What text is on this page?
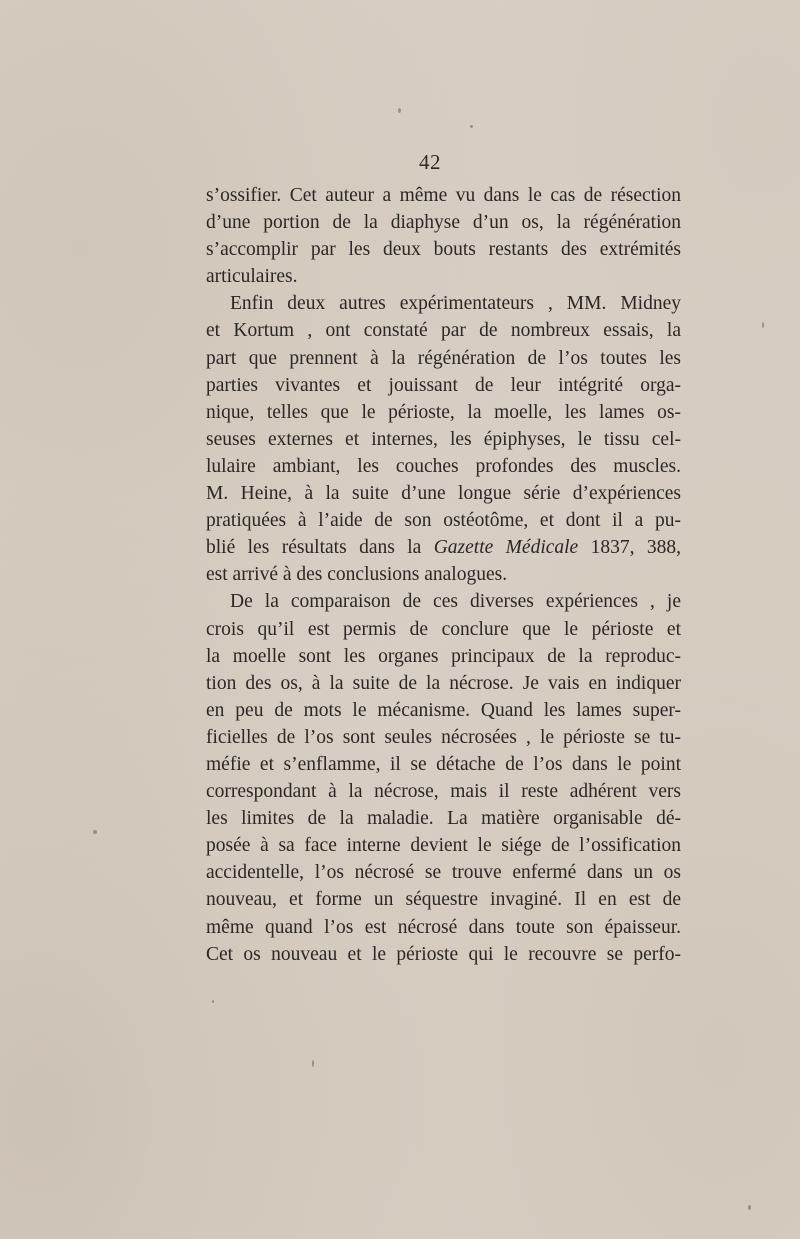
42
s’ossifier. Cet auteur a même vu dans le cas de résection
d’une portion de la diaphyse d’un os, la régénération
s’accomplir par les deux bouts restants des extrémités
articulaires.
Enfin deux autres expérimentateurs , MM. Midney
et Kortum , ont constaté par de nombreux essais, la
part que prennent à la régénération de l’os toutes les
parties vivantes et jouissant de leur intégrité orga-
nique, telles que le périoste, la moelle, les lames os-
seuses externes et internes, les épiphyses, le tissu cel-
lulaire ambiant, les couches profondes des muscles.
M. Heine, à la suite d’une longue série d’expériences
pratiquées à l’aide de son ostéotôme, et dont il a pu-
blié les résultats dans la Gazette Médicale 1837, 388,
est arrivé à des conclusions analogues.
De la comparaison de ces diverses expériences , je
crois qu’il est permis de conclure que le périoste et
la moelle sont les organes principaux de la reproduc-
tion des os, à la suite de la nécrose. Je vais en indiquer
en peu de mots le mécanisme. Quand les lames super-
ficielles de l’os sont seules nécrosées , le périoste se tu-
méfie et s’enflamme, il se détache de l’os dans le point
correspondant à la nécrose, mais il reste adhérent vers
les limites de la maladie. La matière organisable dé-
posée à sa face interne devient le siége de l’ossification
accidentelle, l’os nécrosé se trouve enfermé dans un os
nouveau, et forme un séquestre invaginé. Il en est de
même quand l’os est nécrosé dans toute son épaisseur.
Cet os nouveau et le périoste qui le recouvre se perfo-
